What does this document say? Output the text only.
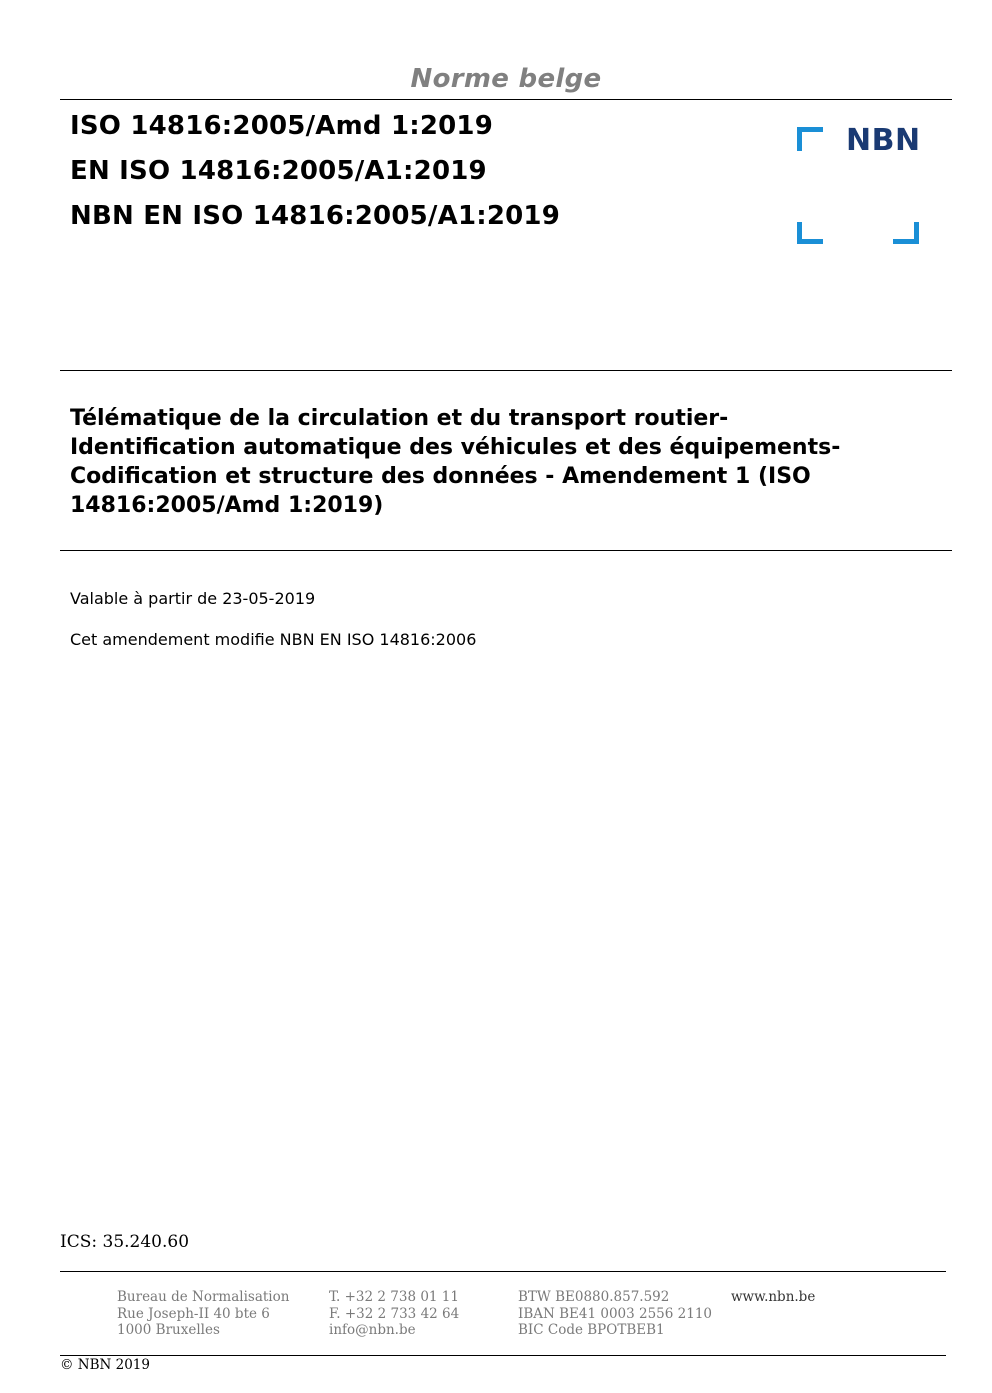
Norme belge
ISO 14816:2005/Amd 1:2019
EN ISO 14816:2005/A1:2019
NBN EN ISO 14816:2005/A1:2019
NBN
Télématique de la circulation et du transport routier-
Identification automatique des véhicules et des équipements-
Codification et structure des données - Amendement 1 (ISO
14816:2005/Amd 1:2019)
Valable à partir de 23-05-2019
Cet amendement modifie NBN EN ISO 14816:2006
ICS: 35.240.60
Bureau de Normalisation
Rue Joseph-II 40 bte 6
1000 Bruxelles
T. +32 2 738 01 11
F. +32 2 733 42 64
info@nbn.be
BTW BE0880.857.592
IBAN BE41 0003 2556 2110
BIC Code BPOTBEB1
www.nbn.be
© NBN 2019
